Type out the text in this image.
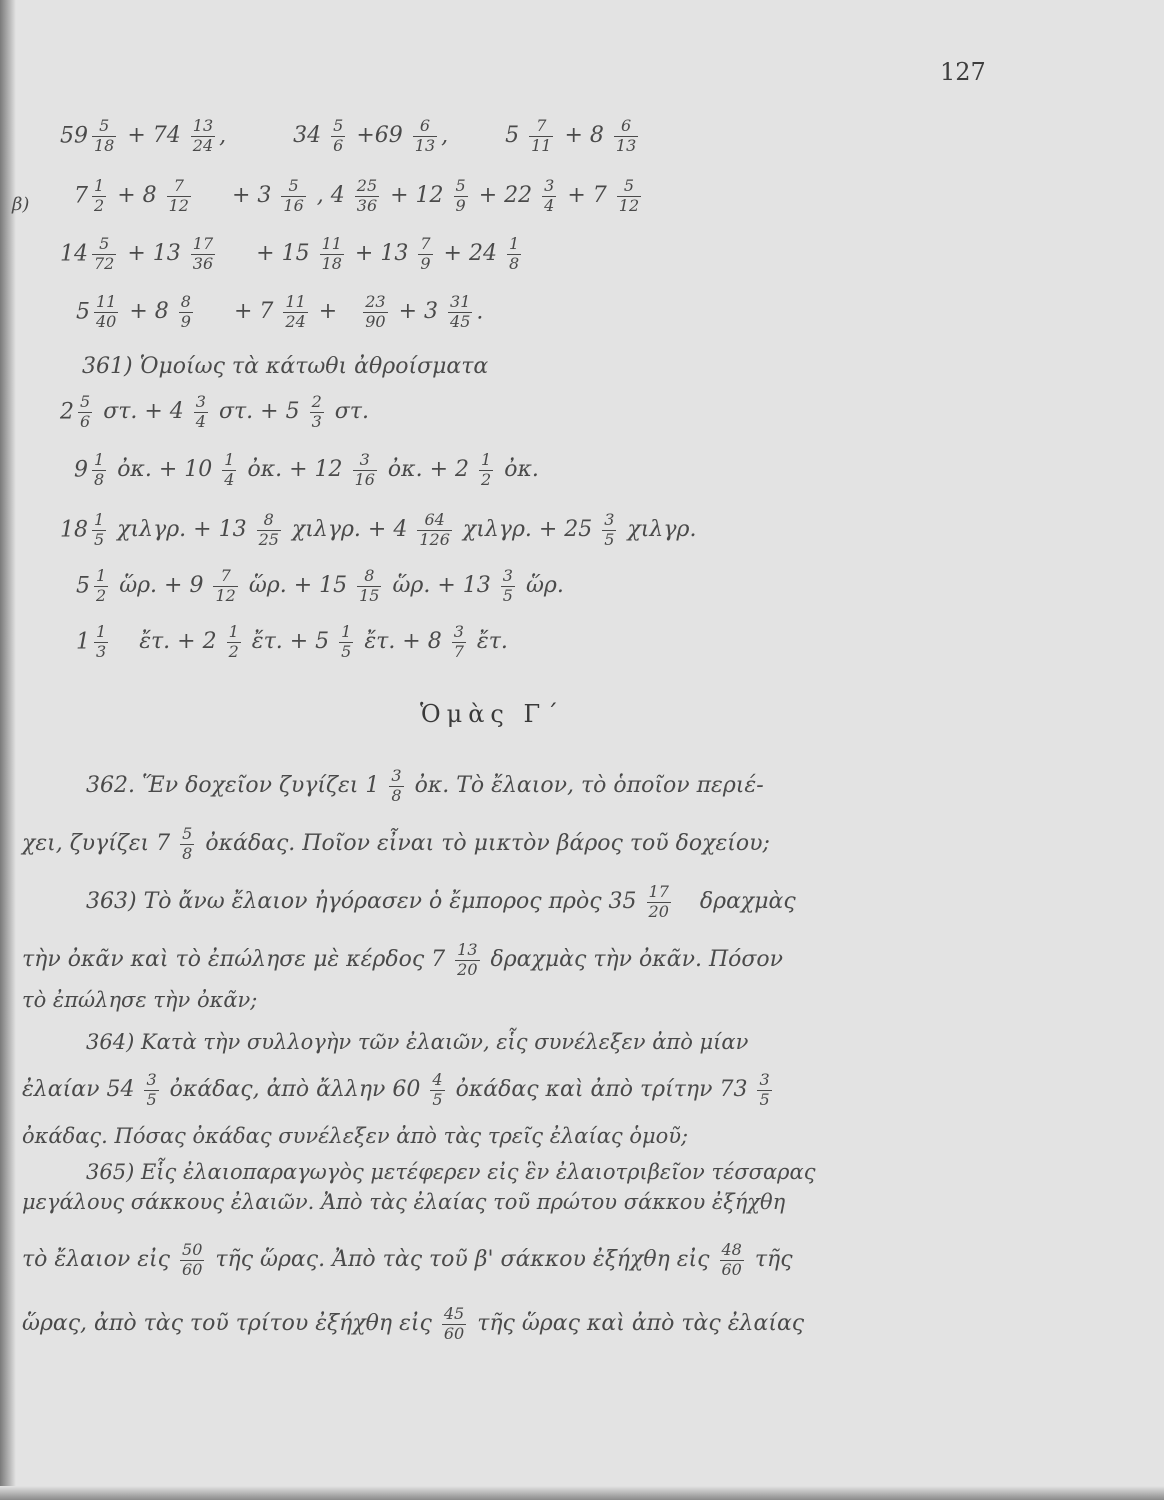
127
β)
$59 \frac{5}{18} + 74 \frac{13}{24}$ ,	$34 \frac{5}{6} +69 \frac{6}{13}$ ,	$5 \frac{7}{11} + 8 \frac{6}{13}$
$7 \frac{1}{2} + 8 \frac{7}{12} + 3 \frac{5}{16}$ , $4 \frac{25}{36} + 12 \frac{5}{9} + 22 \frac{3}{4} + 7 \frac{5}{12}$
$14 \frac{5}{72} + 13 \frac{17}{36} + 15 \frac{11}{18} + 13 \frac{7}{9} + 24 \frac{1}{8}$
$5 \frac{11}{40} + 8 \frac{8}{9} + 7 \frac{11}{24} + \frac{23}{90} + 3 \frac{31}{45}$ .
361) Ὁμοίως τὰ κάτωθι ἀθροίσματα
$2 \frac{5}{6} \sigma\tau$. + $4 \frac{3}{4} \sigma\tau$. + $5 \frac{2}{3} \sigma\tau$.
$9 \frac{1}{8}$ ὀκ. + $10 \frac{1}{4}$ ὀκ. + $12 \frac{3}{16}$ ὀκ. + $2 \frac{1}{2}$ ὀκ.
$18 \frac{1}{5} \chi\iota\lambda\gamma\rho$. + $13 \frac{8}{25} \chi\iota\lambda\gamma\rho$. + $4 \frac{64}{126} \chi\iota\lambda\gamma\rho$. + $25 \frac{3}{5} \chi\iota\lambda\gamma\rho$.
$5 \frac{1}{2}$ ὥρ. + $9 \frac{7}{12}$ ὥρ. + $15 \frac{8}{15}$ ὥρ. + $13 \frac{3}{5}$ ὥρ.
$1 \frac{1}{3}$ ἔτ. + $2 \frac{1}{2}$ ἔτ. + $5 \frac{1}{5}$ ἔτ. + $8 \frac{3}{7}$ ἔτ.
Ὁμὰς Γ΄
362. Ἕν δοχεῖον ζυγίζει $1 \frac{3}{8}$ ὀκ. Τὸ ἔλαιον, τὸ ὁποῖον περιέ-
χει, ζυγίζει $7 \frac{5}{8}$ ὀκάδας. Ποῖον εἶναι τὸ μικτὸν βάρος τοῦ δοχείου;
363) Τὸ ἄνω ἔλαιον ἠγόρασεν ὁ ἔμπορος πρὸς $35 \frac{17}{20}$ δραχμὰς
τὴν ὀκᾶν καὶ τὸ ἐπώλησε μὲ κέρδος $7 \frac{13}{20}$ δραχμὰς τὴν ὀκᾶν. Πόσον
τὸ ἐπώλησε τὴν ὀκᾶν;
364) Κατὰ τὴν συλλογὴν τῶν ἐλαιῶν, εἷς συνέλεξεν ἀπὸ μίαν
ἐλαίαν $54 \frac{3}{5}$ ὀκάδας, ἀπὸ ἄλλην $60 \frac{4}{5}$ ὀκάδας καὶ ἀπὸ τρίτην $73 \frac{3}{5}$
ὀκάδας. Πόσας ὀκάδας συνέλεξεν ἀπὸ τὰς τρεῖς ἐλαίας ὁμοῦ;
365) Εἷς ἐλαιοπαραγωγὸς μετέφερεν εἰς ἓν ἐλαιοτριβεῖον τέσσαρας
μεγάλους σάκκους ἐλαιῶν. Ἀπὸ τὰς ἐλαίας τοῦ πρώτου σάκκου ἐξήχθη
τὸ ἔλαιον εἰς $\frac{50}{60}$ τῆς ὥρας. Ἀπὸ τὰς τοῦ β' σάκκου ἐξήχθη εἰς $\frac{48}{60}$ τῆς
ὥρας, ἀπὸ τὰς τοῦ τρίτου ἐξήχθη εἰς $\frac{45}{60}$ τῆς ὥρας καὶ ἀπὸ τὰς ἐλαίας
